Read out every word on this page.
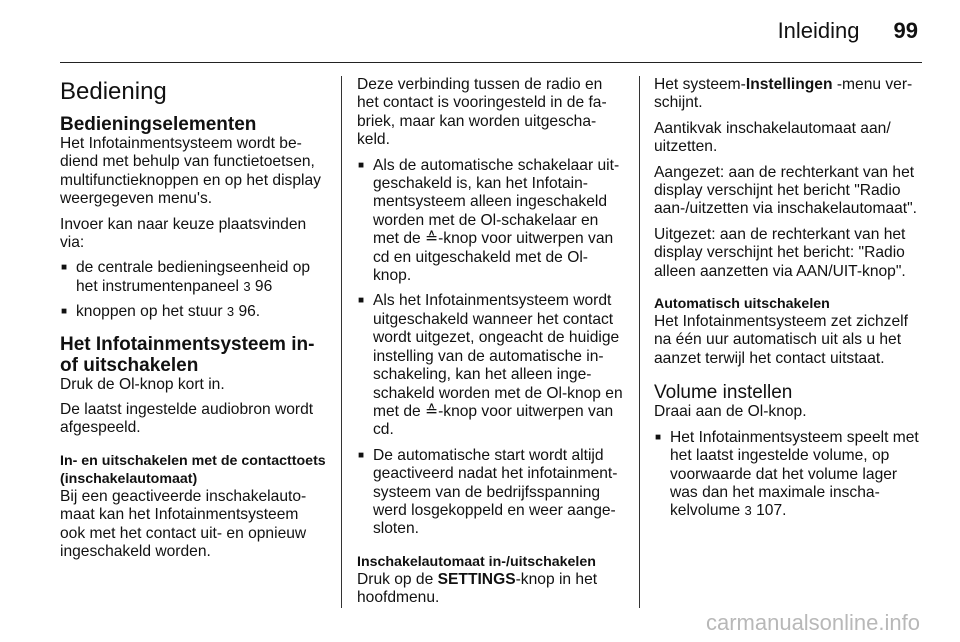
Inleiding 99
Bediening
Bedieningselementen

Het Infotainmentsysteem wordt bediend met behulp van functietoetsen, multifunctieknoppen en op het display weergegeven menu's.

Invoer kan naar keuze plaatsvinden via:

■ de centrale bedieningseenheid op het instrumentenpaneel 3 96
■ knoppen op het stuur 3 96.
Het Infotainmentsysteem in- of uitschakelen

Druk de Ol-knop kort in.

De laatst ingestelde audiobron wordt afgespeeld.

In- en uitschakelen met de contacttoets (inschakelautomaat)

Bij een geactiveerde inschakelautomaat kan het Infotainmentsysteem ook met het contact uit- en opnieuw ingeschakeld worden.

Deze verbinding tussen de radio en het contact is vooringesteld in de fabriek, maar kan worden uitgeschakeld.

■ Als de automatische schakelaar uitgeschakeld is, kan het Infotainmentsysteem alleen ingeschakeld worden met de Ol-schakelaar en met de ≙-knop voor uitwerpen van cd en uitgeschakeld met de Ol-knop.
■ Als het Infotainmentsysteem wordt uitgeschakeld wanneer het contact wordt uitgezet, ongeacht de huidige instelling van de automatische inschakeling, kan het alleen ingeschakeld worden met de Ol-knop en met de ≙-knop voor uitwerpen van cd.
■ De automatische start wordt altijd geactiveerd nadat het infotainmentsysteem van de bedrijfsspanning werd losgekoppeld en weer aangesloten.
Inschakelautomaat in-/uitschakelen

Druk op de SETTINGS-knop in het hoofdmenu.

Het systeem-Instellingen -menu verschijnt.

Aantikvak inschakelautomaat aan/ uitzetten.

Aangezet: aan de rechterkant van het display verschijnt het bericht "Radio aan-/uitzetten via inschakelautomaat".

Uitgezet: aan de rechterkant van het display verschijnt het bericht: "Radio alleen aanzetten via AAN/UIT-knop".

Automatisch uitschakelen

Het Infotainmentsysteem zet zichzelf na één uur automatisch uit als u het aanzet terwijl het contact uitstaat.

Volume instellen

Draai aan de Ol-knop.

■ Het Infotainmentsysteem speelt met het laatst ingestelde volume, op voorwaarde dat het volume lager was dan het maximale inschakelvolume 3 107.
carmanualsonline.info
